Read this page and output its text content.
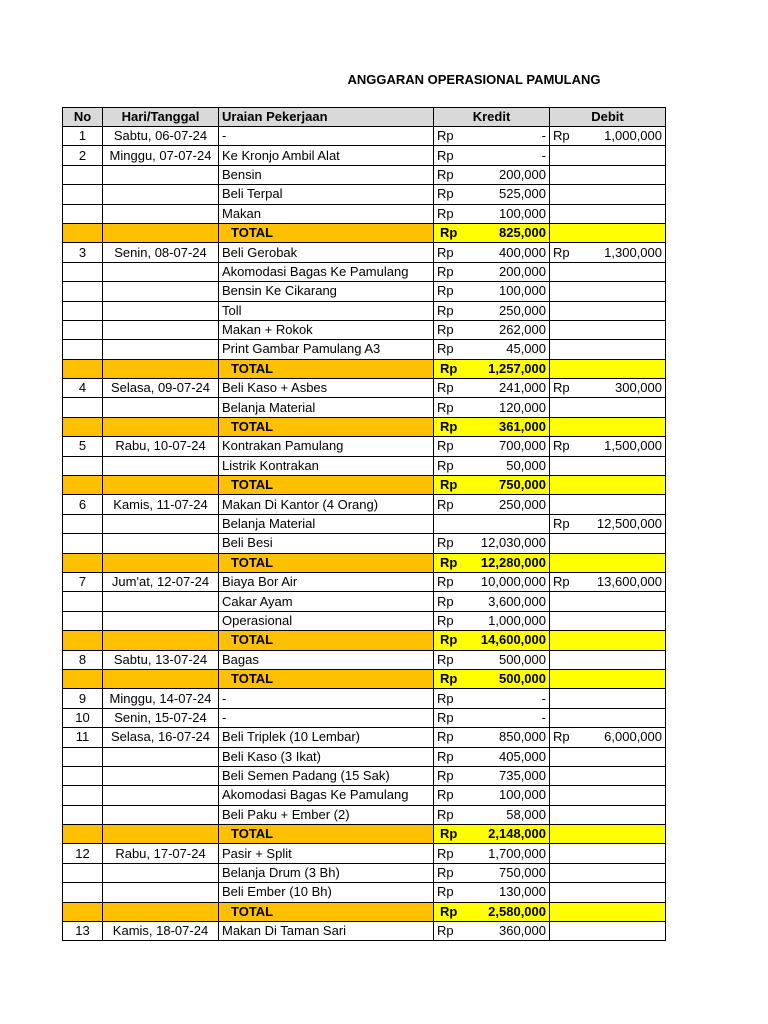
ANGGARAN OPERASIONAL PAMULANG
No	Hari/Tanggal	Uraian Pekerjaan	Kredit		Debit	
1	Sabtu, 06-07-24	-	Rp	-	Rp	1,000,000
2	Minggu, 07-07-24	Ke Kronjo Ambil Alat	Rp	-		
		Bensin	Rp	200,000		
		Beli Terpal	Rp	525,000		
		Makan	Rp	100,000		
		TOTAL	Rp	825,000		
3	Senin, 08-07-24	Beli Gerobak	Rp	400,000	Rp	1,300,000
		Akomodasi Bagas Ke Pamulang	Rp	200,000		
		Bensin Ke Cikarang	Rp	100,000		
		Toll	Rp	250,000		
		Makan + Rokok	Rp	262,000		
		Print Gambar Pamulang A3	Rp	45,000		
		TOTAL	Rp	1,257,000		
4	Selasa, 09-07-24	Beli Kaso + Asbes	Rp	241,000	Rp	300,000
		Belanja Material	Rp	120,000		
		TOTAL	Rp	361,000		
5	Rabu, 10-07-24	Kontrakan Pamulang	Rp	700,000	Rp	1,500,000
		Listrik Kontrakan	Rp	50,000		
		TOTAL	Rp	750,000		
6	Kamis, 11-07-24	Makan Di Kantor (4 Orang)	Rp	250,000		
		Belanja Material			Rp	12,500,000
		Beli Besi	Rp	12,030,000		
		TOTAL	Rp	12,280,000		
7	Jum'at, 12-07-24	Biaya Bor Air	Rp	10,000,000	Rp	13,600,000
		Cakar Ayam	Rp	3,600,000		
		Operasional	Rp	1,000,000		
		TOTAL	Rp	14,600,000		
8	Sabtu, 13-07-24	Bagas	Rp	500,000		
		TOTAL	Rp	500,000		
9	Minggu, 14-07-24	-	Rp	-		
10	Senin, 15-07-24	-	Rp	-		
11	Selasa, 16-07-24	Beli Triplek (10 Lembar)	Rp	850,000	Rp	6,000,000
		Beli Kaso (3 Ikat)	Rp	405,000		
		Beli Semen Padang (15 Sak)	Rp	735,000		
		Akomodasi Bagas Ke Pamulang	Rp	100,000		
		Beli Paku + Ember (2)	Rp	58,000		
		TOTAL	Rp	2,148,000		
12	Rabu, 17-07-24	Pasir + Split	Rp	1,700,000		
		Belanja Drum (3 Bh)	Rp	750,000		
		Beli Ember (10 Bh)	Rp	130,000		
		TOTAL	Rp	2,580,000		
13	Kamis, 18-07-24	Makan Di Taman Sari	Rp	360,000		
